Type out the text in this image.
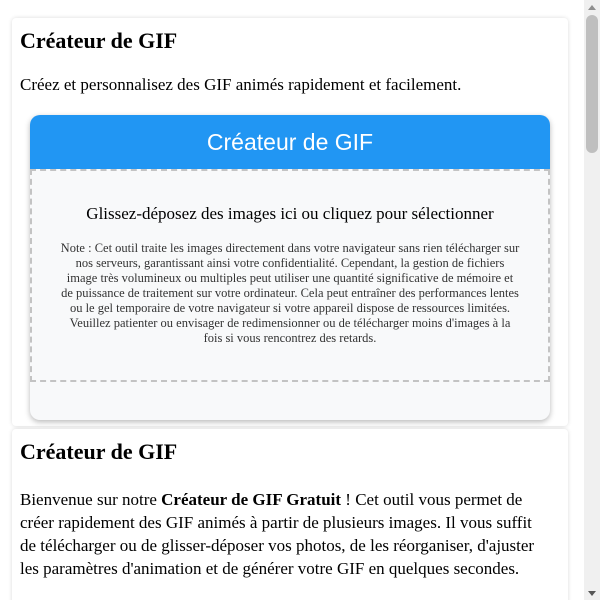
Créateur de GIF

Créez et personnalisez des GIF animés rapidement et facilement.

Créateur de GIF

Glissez-déposez des images ici ou cliquez pour sélectionner

Note : Cet outil traite les images directement dans votre navigateur sans rien télécharger sur nos serveurs, garantissant ainsi votre confidentialité. Cependant, la gestion de fichiers image très volumineux ou multiples peut utiliser une quantité significative de mémoire et de puissance de traitement sur votre ordinateur. Cela peut entraîner des performances lentes ou le gel temporaire de votre navigateur si votre appareil dispose de ressources limitées. Veuillez patienter ou envisager de redimensionner ou de télécharger moins d'images à la fois si vous rencontrez des retards.

Créateur de GIF

Bienvenue sur notre Créateur de GIF Gratuit ! Cet outil vous permet de créer rapidement des GIF animés à partir de plusieurs images. Il vous suffit de télécharger ou de glisser-déposer vos photos, de les réorganiser, d'ajuster les paramètres d'animation et de générer votre GIF en quelques secondes.
